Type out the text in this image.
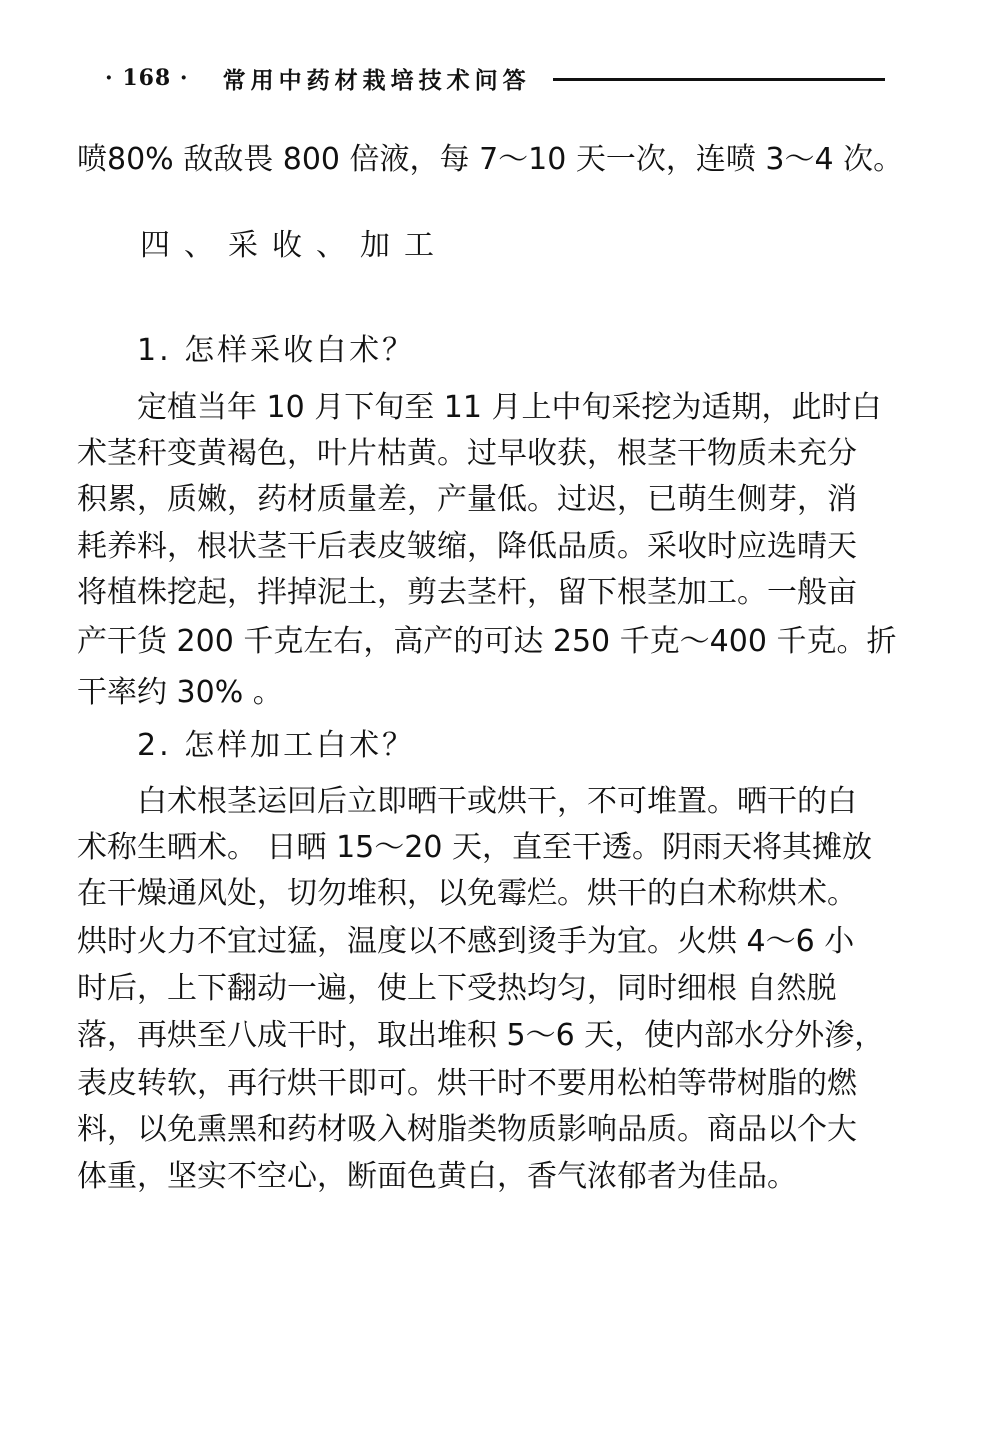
· 168 · 常用中药材栽培技术问答
喷80% 敌敌畏 800 倍液，每 7～10 天一次，连喷 3～4 次。
四、采收、加工
1. 怎样采收白术？
定植当年 10 月下旬至 11 月上中旬采挖为适期，此时白
术茎秆变黄褐色，叶片枯黄。过早收获，根茎干物质未充分
积累，质嫩，药材质量差，产量低。过迟，已萌生侧芽，消
耗养料，根状茎干后表皮皱缩，降低品质。采收时应选晴天
将植株挖起，拌掉泥土，剪去茎杆，留下根茎加工。一般亩
产干货 200 千克左右，高产的可达 250 千克～400 千克。折
干率约 30% 。
2. 怎样加工白术？
白术根茎运回后立即晒干或烘干，不可堆置。晒干的白
术称生晒术。 日晒 15～20 天，直至干透。阴雨天将其摊放
在干燥通风处，切勿堆积，以免霉烂。烘干的白术称烘术。
烘时火力不宜过猛，温度以不感到烫手为宜。火烘 4～6 小
时后，上下翻动一遍，使上下受热均匀，同时细根 自然脱
落，再烘至八成干时，取出堆积 5～6 天，使内部水分外渗，
表皮转软，再行烘干即可。烘干时不要用松柏等带树脂的燃
料，以免熏黑和药材吸入树脂类物质影响品质。商品以个大
体重，坚实不空心，断面色黄白，香气浓郁者为佳品。
